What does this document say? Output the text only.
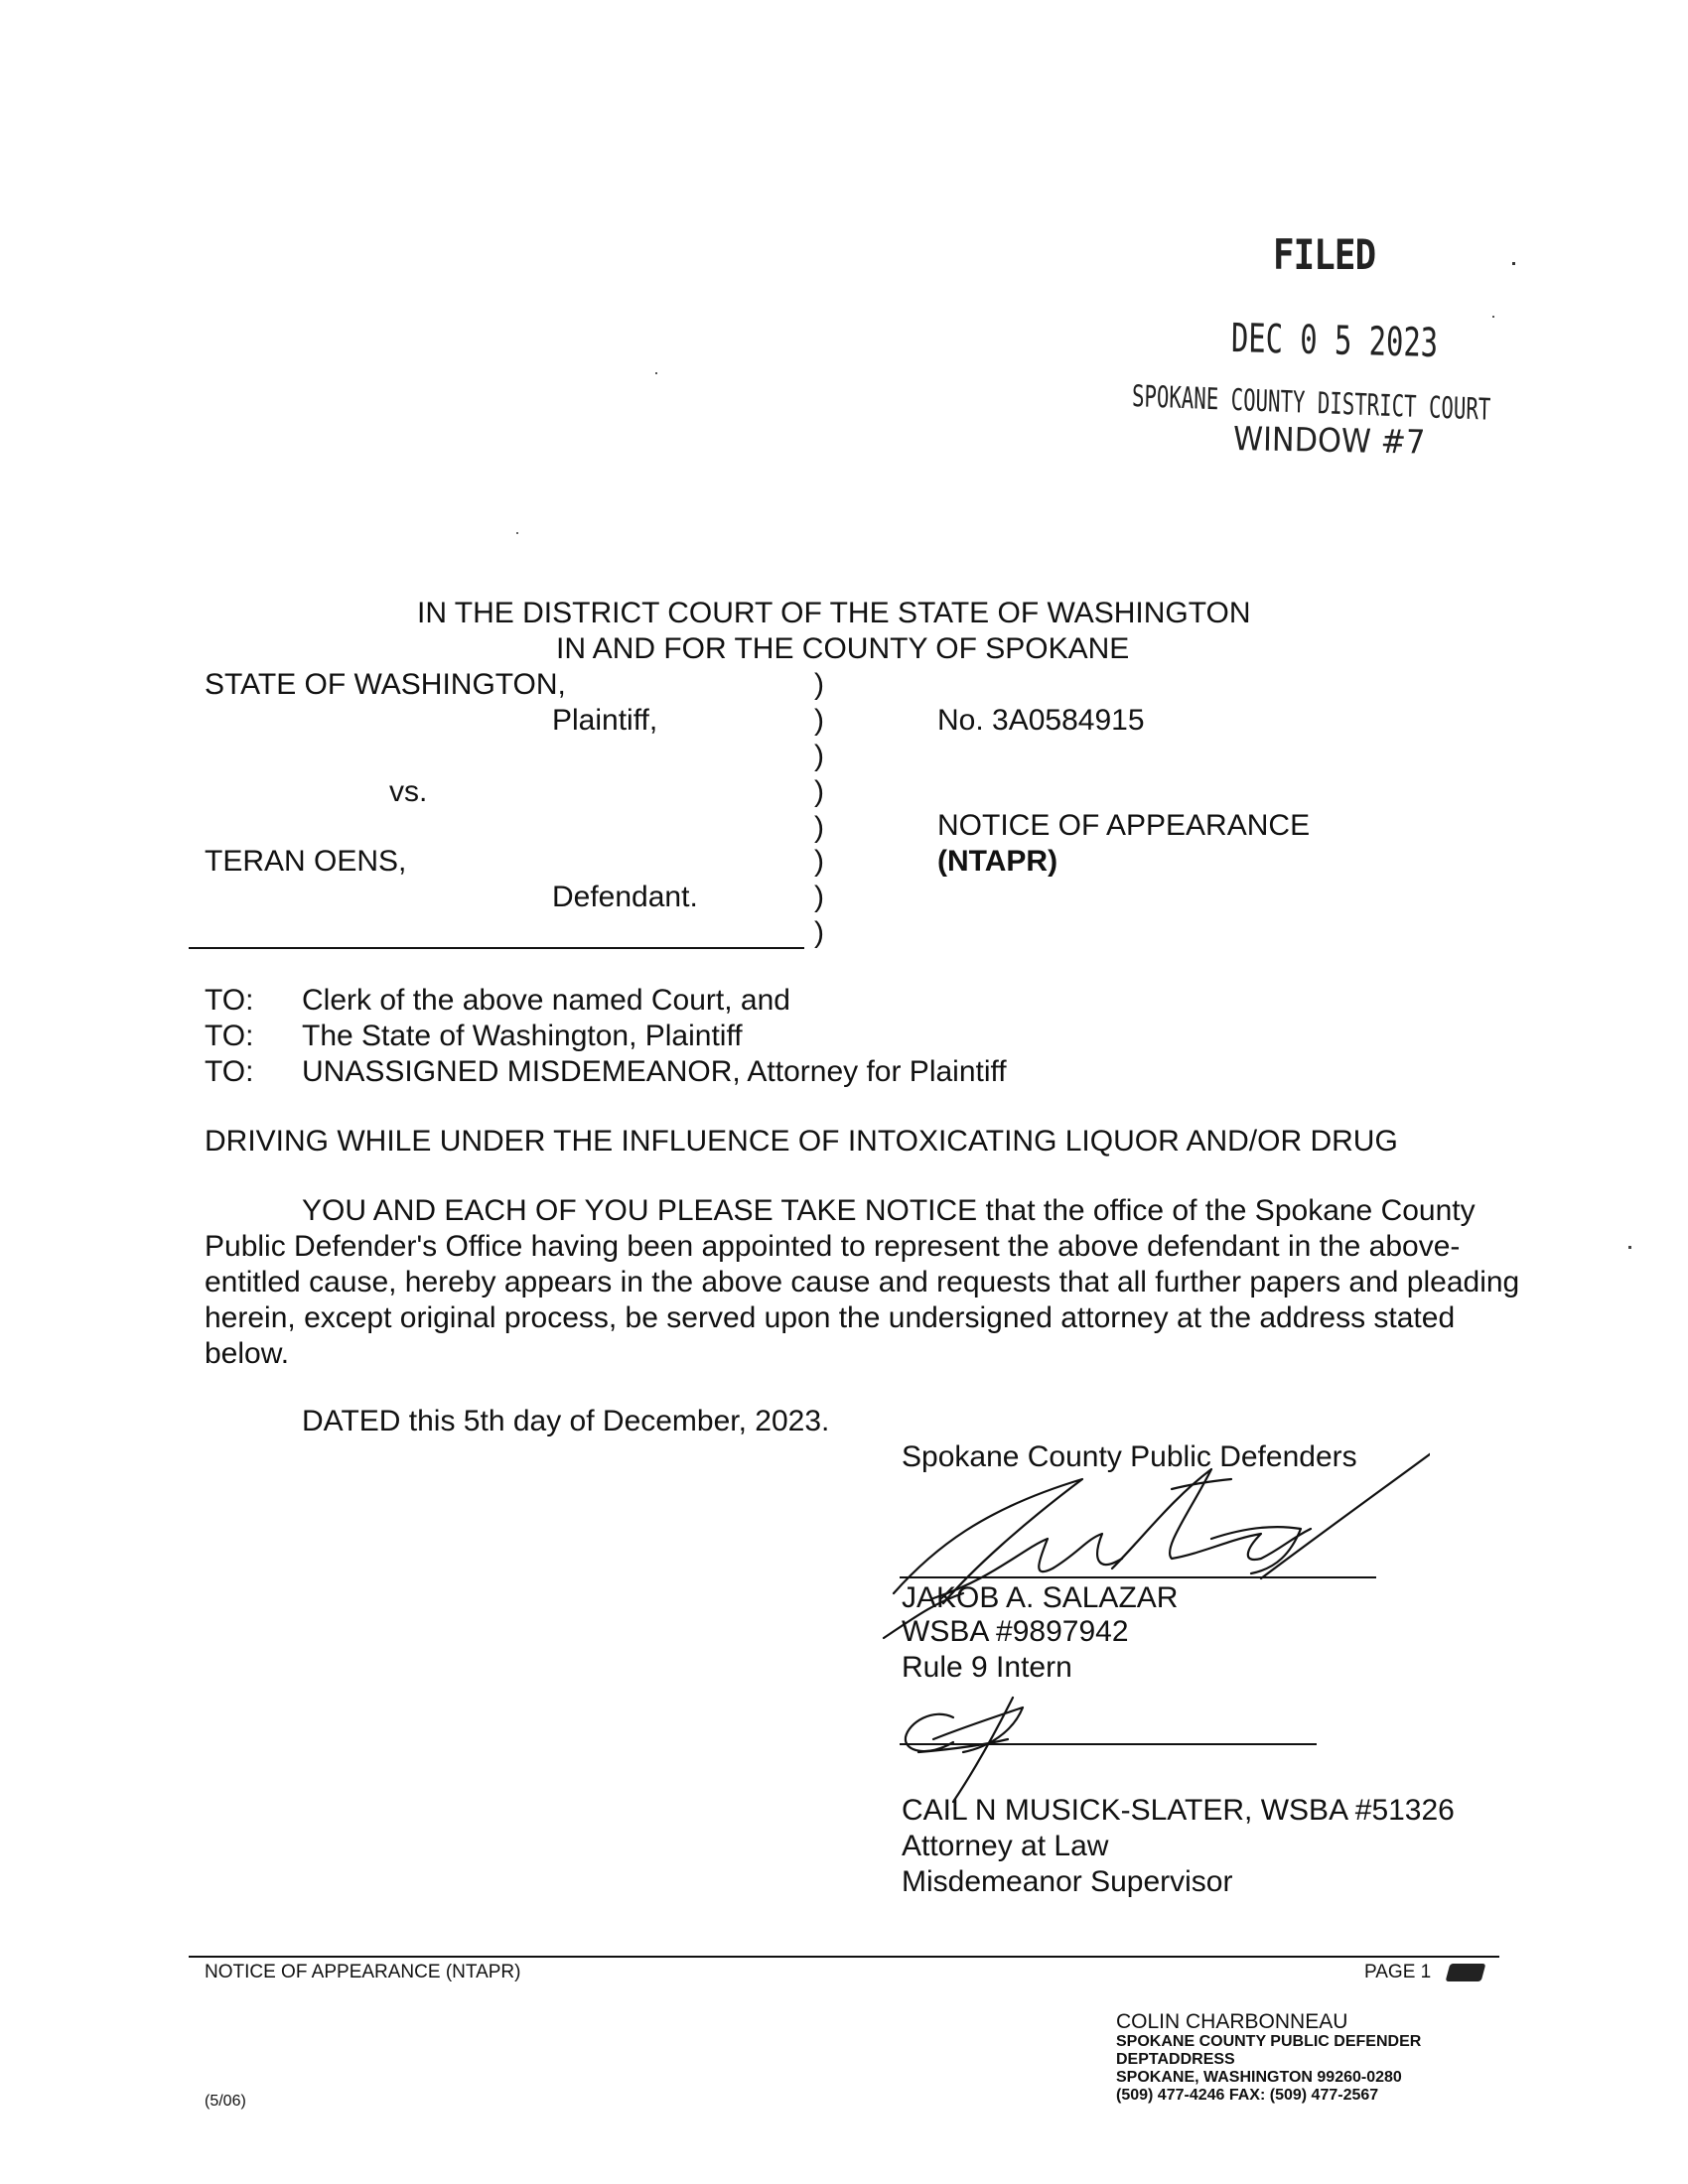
FILED
DEC 0 5 2023
SPOKANE COUNTY DISTRICT COURT
WINDOW #7
IN THE DISTRICT COURT OF THE STATE OF WASHINGTON
IN AND FOR THE COUNTY OF SPOKANE
STATE OF WASHINGTON,
Plaintiff,
vs.
TERAN OENS,
Defendant.
)
)
)
)
)
)
)
)
No. 3A0584915
NOTICE OF APPEARANCE
(NTAPR)
TO: Clerk of the above named Court, and
TO: The State of Washington, Plaintiff
TO: UNASSIGNED MISDEMEANOR, Attorney for Plaintiff
DRIVING WHILE UNDER THE INFLUENCE OF INTOXICATING LIQUOR AND/OR DRUG
YOU AND EACH OF YOU PLEASE TAKE NOTICE that the office of the Spokane County Public Defender's Office having been appointed to represent the above defendant in the above-entitled cause, hereby appears in the above cause and requests that all further papers and pleading herein, except original process, be served upon the undersigned attorney at the address stated below.
DATED this 5th day of December, 2023.
Spokane County Public Defenders
JAKOB A. SALAZAR
WSBA #9897942
Rule 9 Intern
CAIL N MUSICK-SLATER, WSBA #51326
Attorney at Law
Misdemeanor Supervisor
NOTICE OF APPEARANCE (NTAPR)	PAGE 1
COLIN CHARBONNEAU
SPOKANE COUNTY PUBLIC DEFENDER
DEPTADDRESS
SPOKANE, WASHINGTON 99260-0280
(509) 477-4246 FAX: (509) 477-2567
(5/06)
